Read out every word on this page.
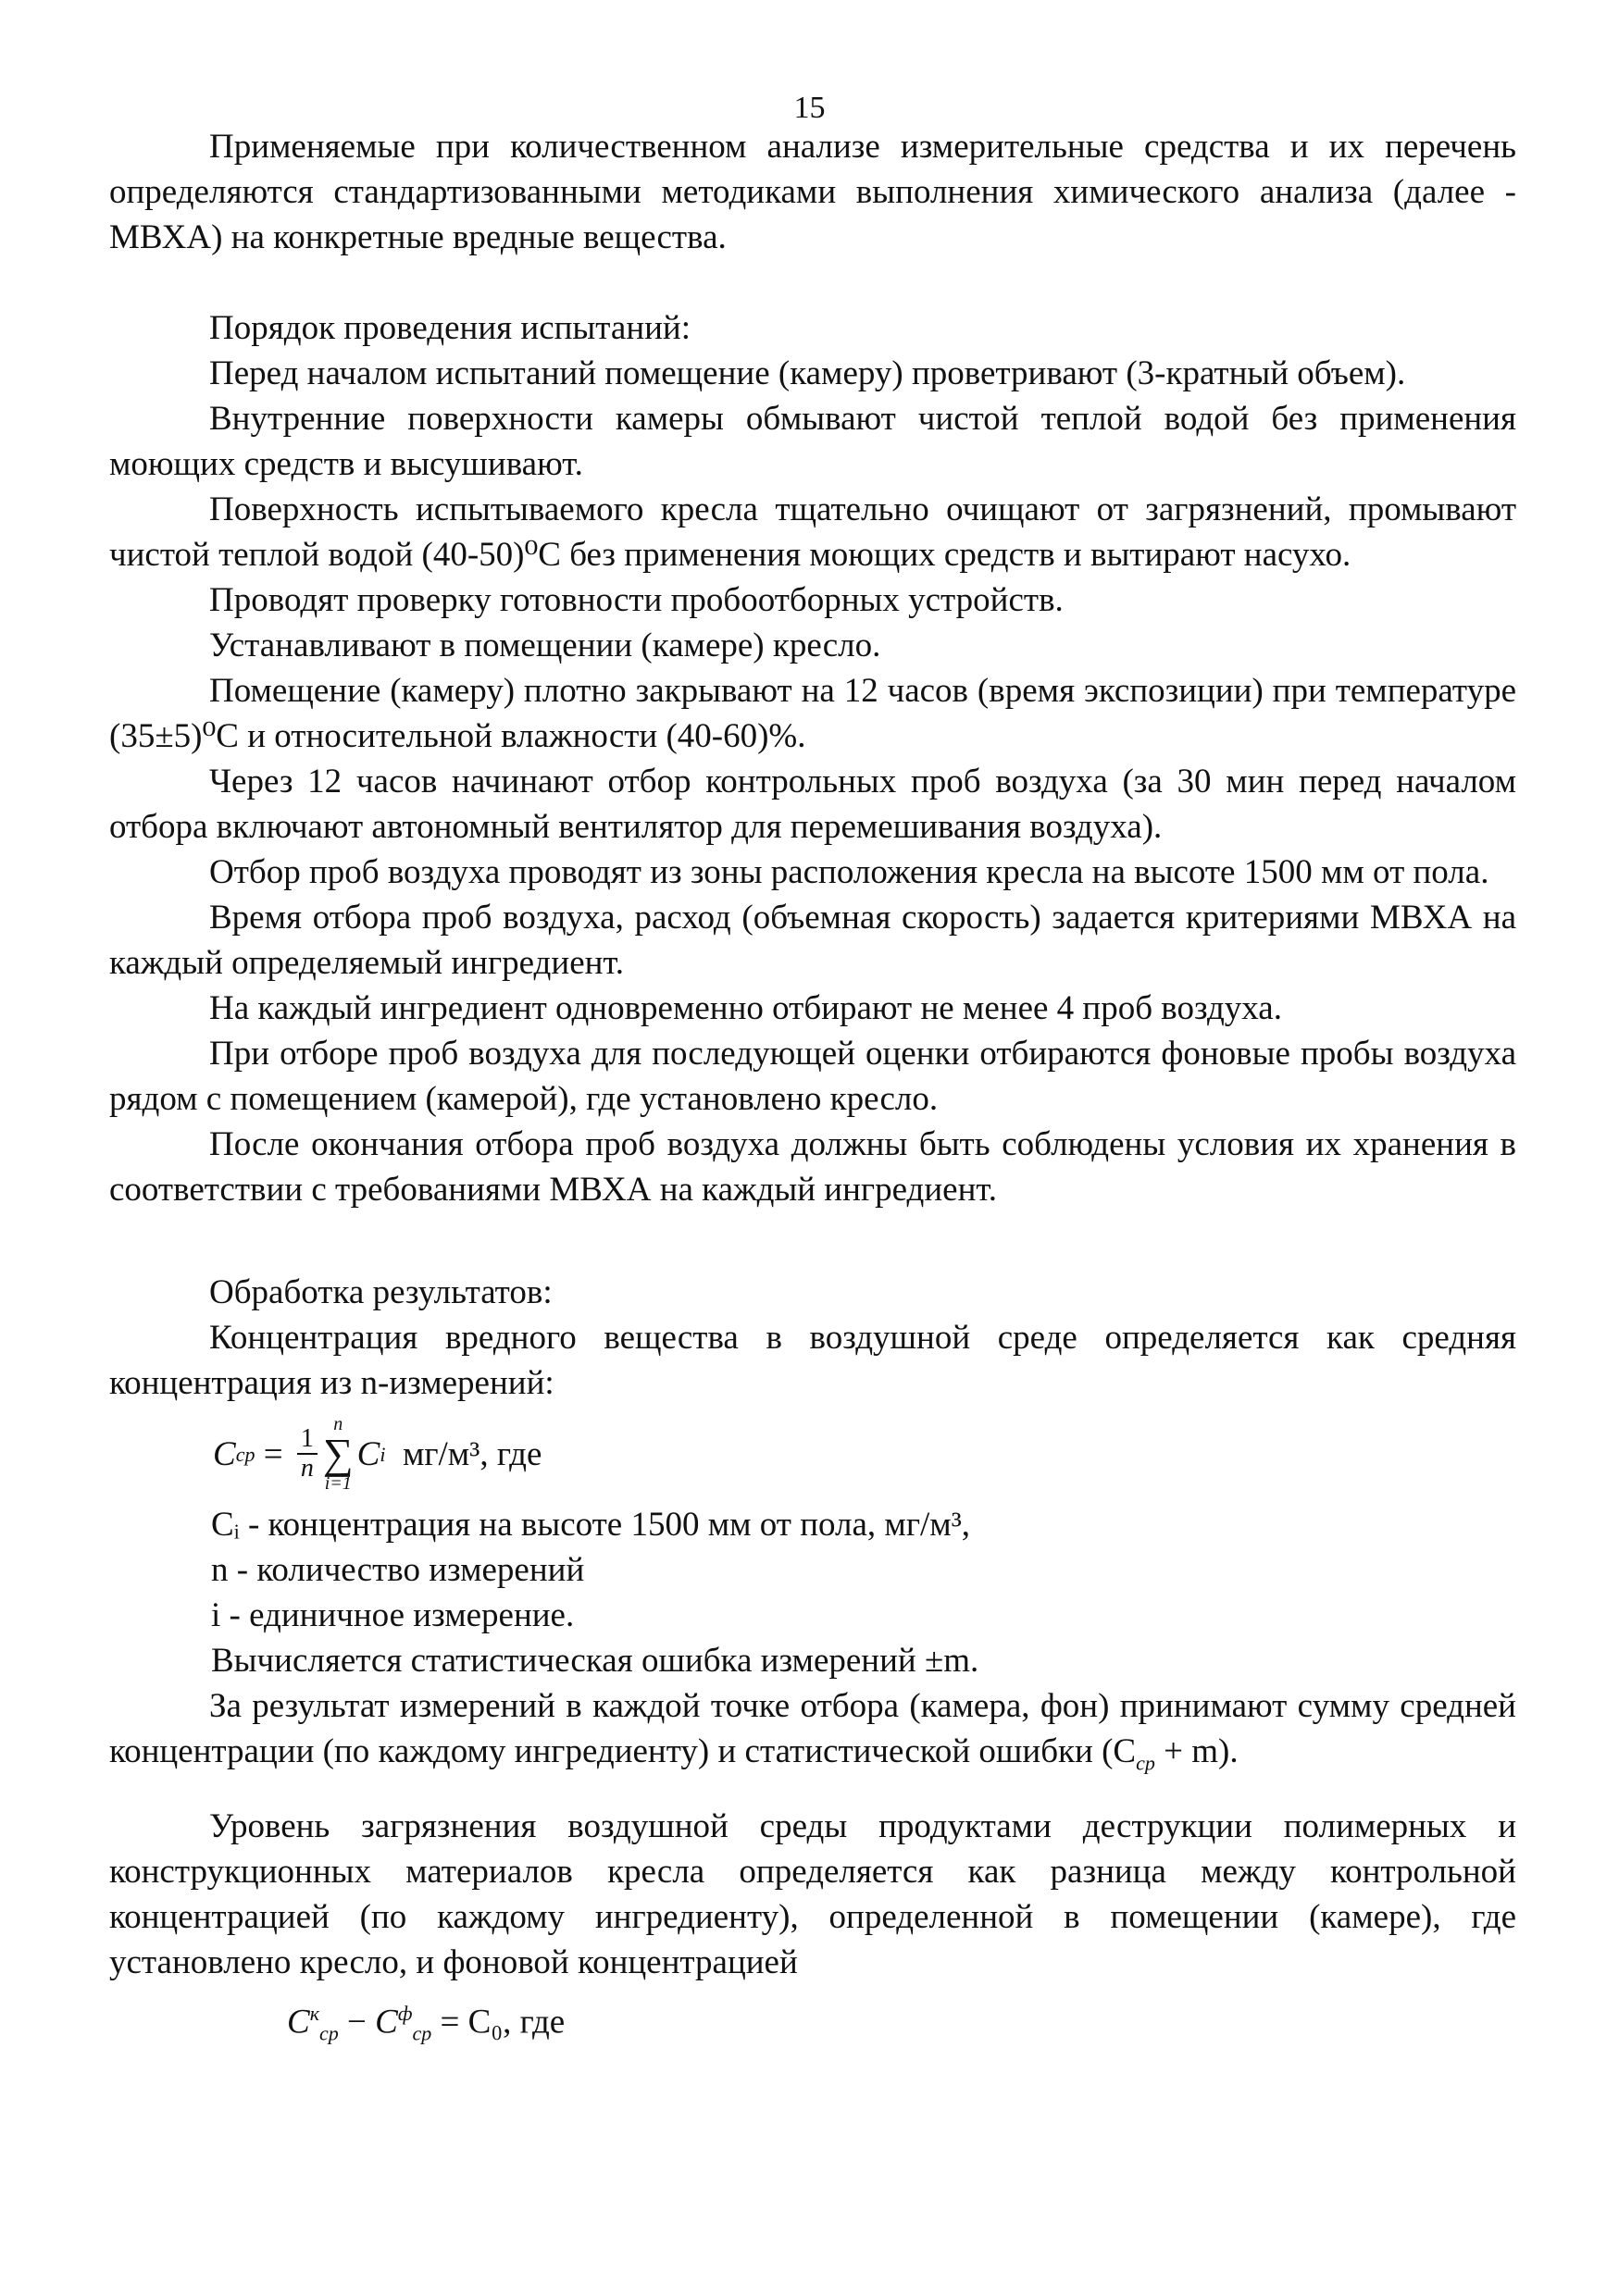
15

Применяемые при количественном анализе измерительные средства и их перечень определяются стандартизованными методиками выполнения химического анализа (далее - МВХА) на конкретные вредные вещества.

Порядок проведения испытаний:

Перед началом испытаний помещение (камеру) проветривают (3-кратный объем).

Внутренние поверхности камеры обмывают чистой теплой водой без применения моющих средств и высушивают.

Поверхность испытываемого кресла тщательно очищают от загрязнений, промывают чистой теплой водой (40-50)⁰С без применения моющих средств и вытирают насухо.

Проводят проверку готовности пробоотборных устройств.

Устанавливают в помещении (камере) кресло.

Помещение (камеру) плотно закрывают на 12 часов (время экспозиции) при температуре (35±5)⁰С и относительной влажности (40-60)%.

Через 12 часов начинают отбор контрольных проб воздуха (за 30 мин перед началом отбора включают автономный вентилятор для перемешивания воздуха).

Отбор проб воздуха проводят из зоны расположения кресла на высоте 1500 мм от пола.

Время отбора проб воздуха, расход (объемная скорость) задается критериями МВХА на каждый определяемый ингредиент.

На каждый ингредиент одновременно отбирают не менее 4 проб воздуха.

При отборе проб воздуха для последующей оценки отбираются фоновые пробы воздуха рядом с помещением (камерой), где установлено кресло.

После окончания отбора проб воздуха должны быть соблюдены условия их хранения в соответствии с требованиями МВХА на каждый ингредиент.

Обработка результатов:

Концентрация вредного вещества в воздушной среде определяется как средняя концентрация из n-измерений:

C cp = $\frac{1}{n}$
n
∑
i=1
C i
мг/м³, где

Cᵢ - концентрация на высоте 1500 мм от пола, мг/м³,

n - количество измерений

i - единичное измерение.

Вычисляется статистическая ошибка измерений ±m.

За результат измерений в каждой точке отбора (камера, фон) принимают сумму средней концентрации (по каждому ингредиенту) и статистической ошибки $(C_{cp} + m)$.

Уровень загрязнения воздушной среды продуктами деструкции полимерных и конструкционных материалов кресла определяется как разница между контрольной концентрацией (по каждому ингредиенту), определенной в помещении (камере), где установлено кресло, и фоновой концентрацией

$C^к_{cp} - C^ф_{cp} = C_0$, где
